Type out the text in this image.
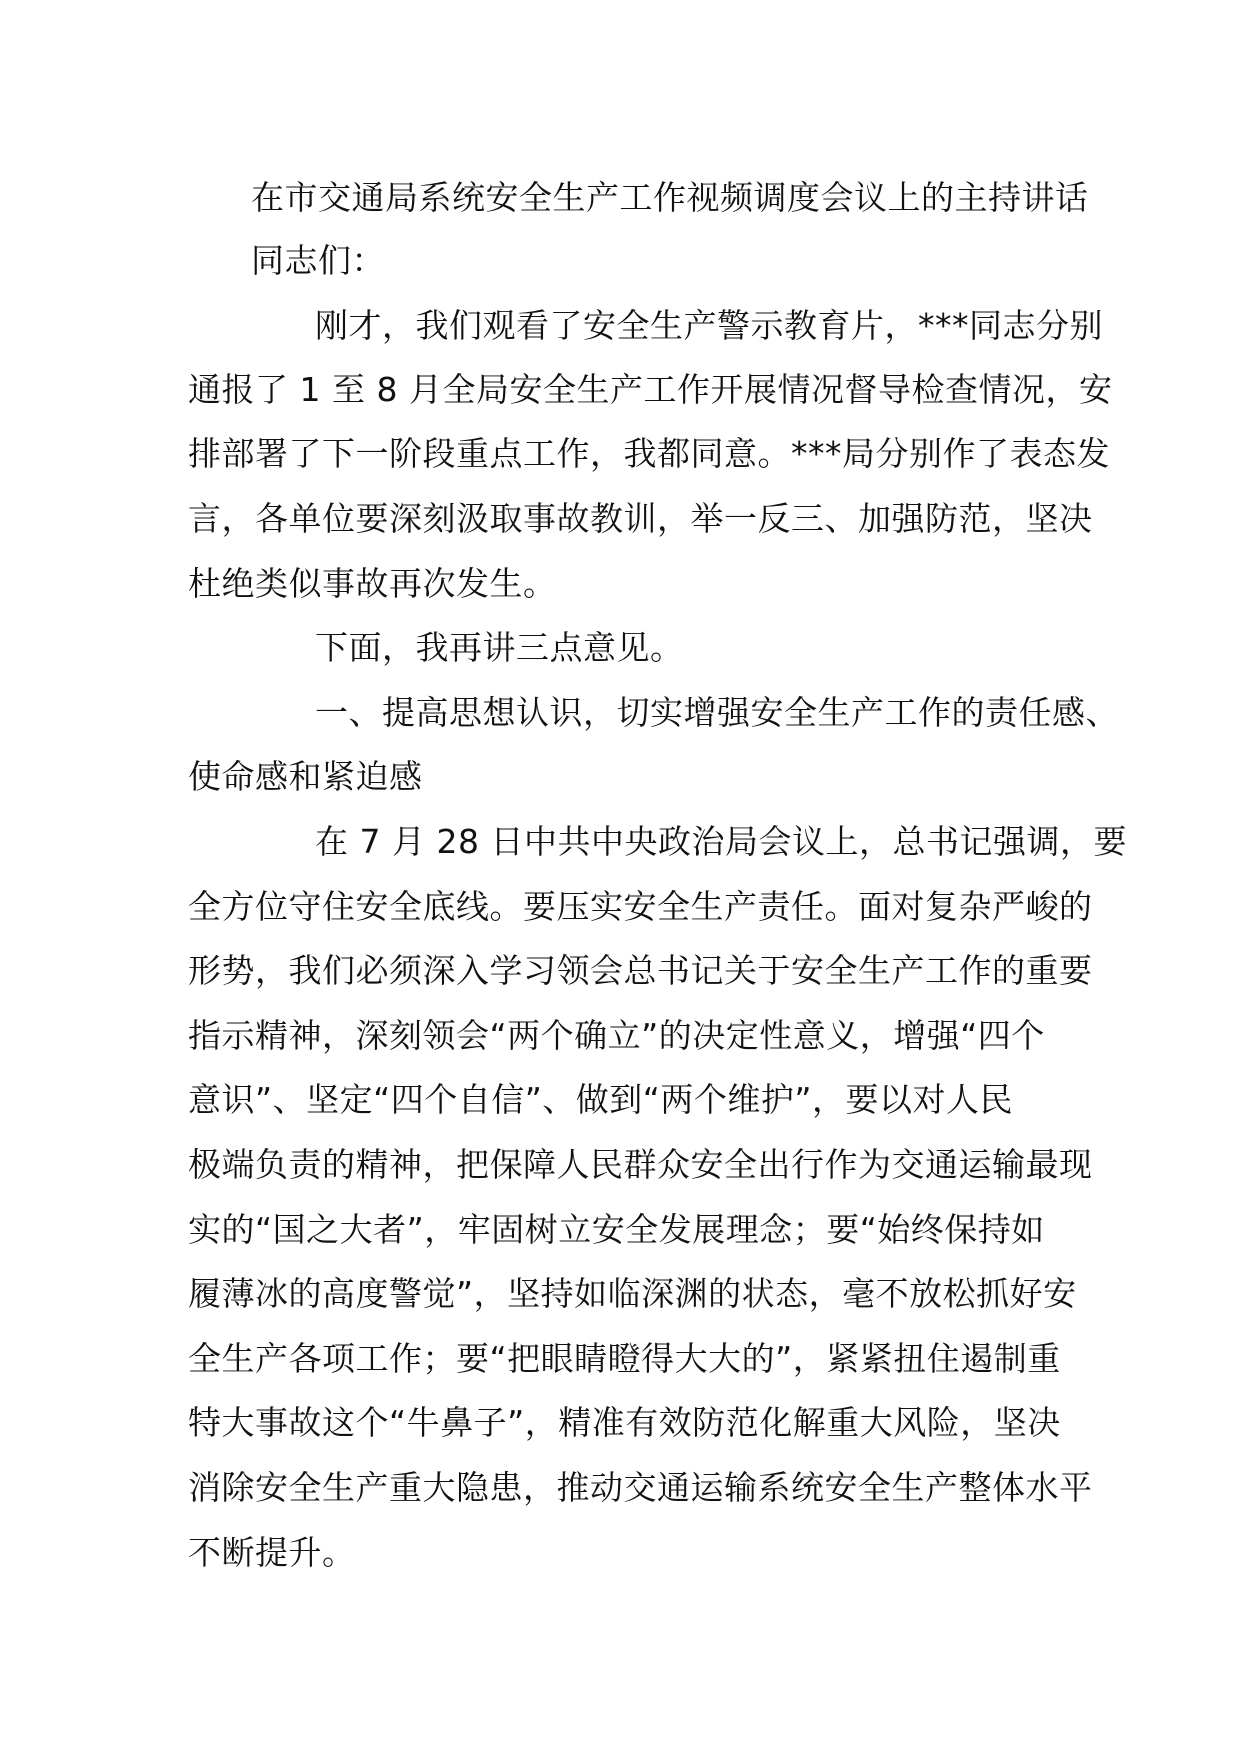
在市交通局系统安全生产工作视频调度会议上的主持讲话
同志们：
刚才，我们观看了安全生产警示教育片，***同志分别
通报了 1 至 8 月全局安全生产工作开展情况督导检查情况，安
排部署了下一阶段重点工作，我都同意。***局分别作了表态发
言，各单位要深刻汲取事故教训，举一反三、加强防范，坚决
杜绝类似事故再次发生。
下面，我再讲三点意见。
一、提高思想认识，切实增强安全生产工作的责任感、
使命感和紧迫感
在 7 月 28 日中共中央政治局会议上，总书记强调，要
全方位守住安全底线。要压实安全生产责任。面对复杂严峻的
形势，我们必须深入学习领会总书记关于安全生产工作的重要
指示精神，深刻领会“两个确立”的决定性意义，增强“四个
意识”、坚定“四个自信”、做到“两个维护”，要以对人民
极端负责的精神，把保障人民群众安全出行作为交通运输最现
实的“国之大者”，牢固树立安全发展理念；要“始终保持如
履薄冰的高度警觉”，坚持如临深渊的状态，毫不放松抓好安
全生产各项工作；要“把眼睛瞪得大大的”，紧紧扭住遏制重
特大事故这个“牛鼻子”，精准有效防范化解重大风险，坚决
消除安全生产重大隐患，推动交通运输系统安全生产整体水平
不断提升。
